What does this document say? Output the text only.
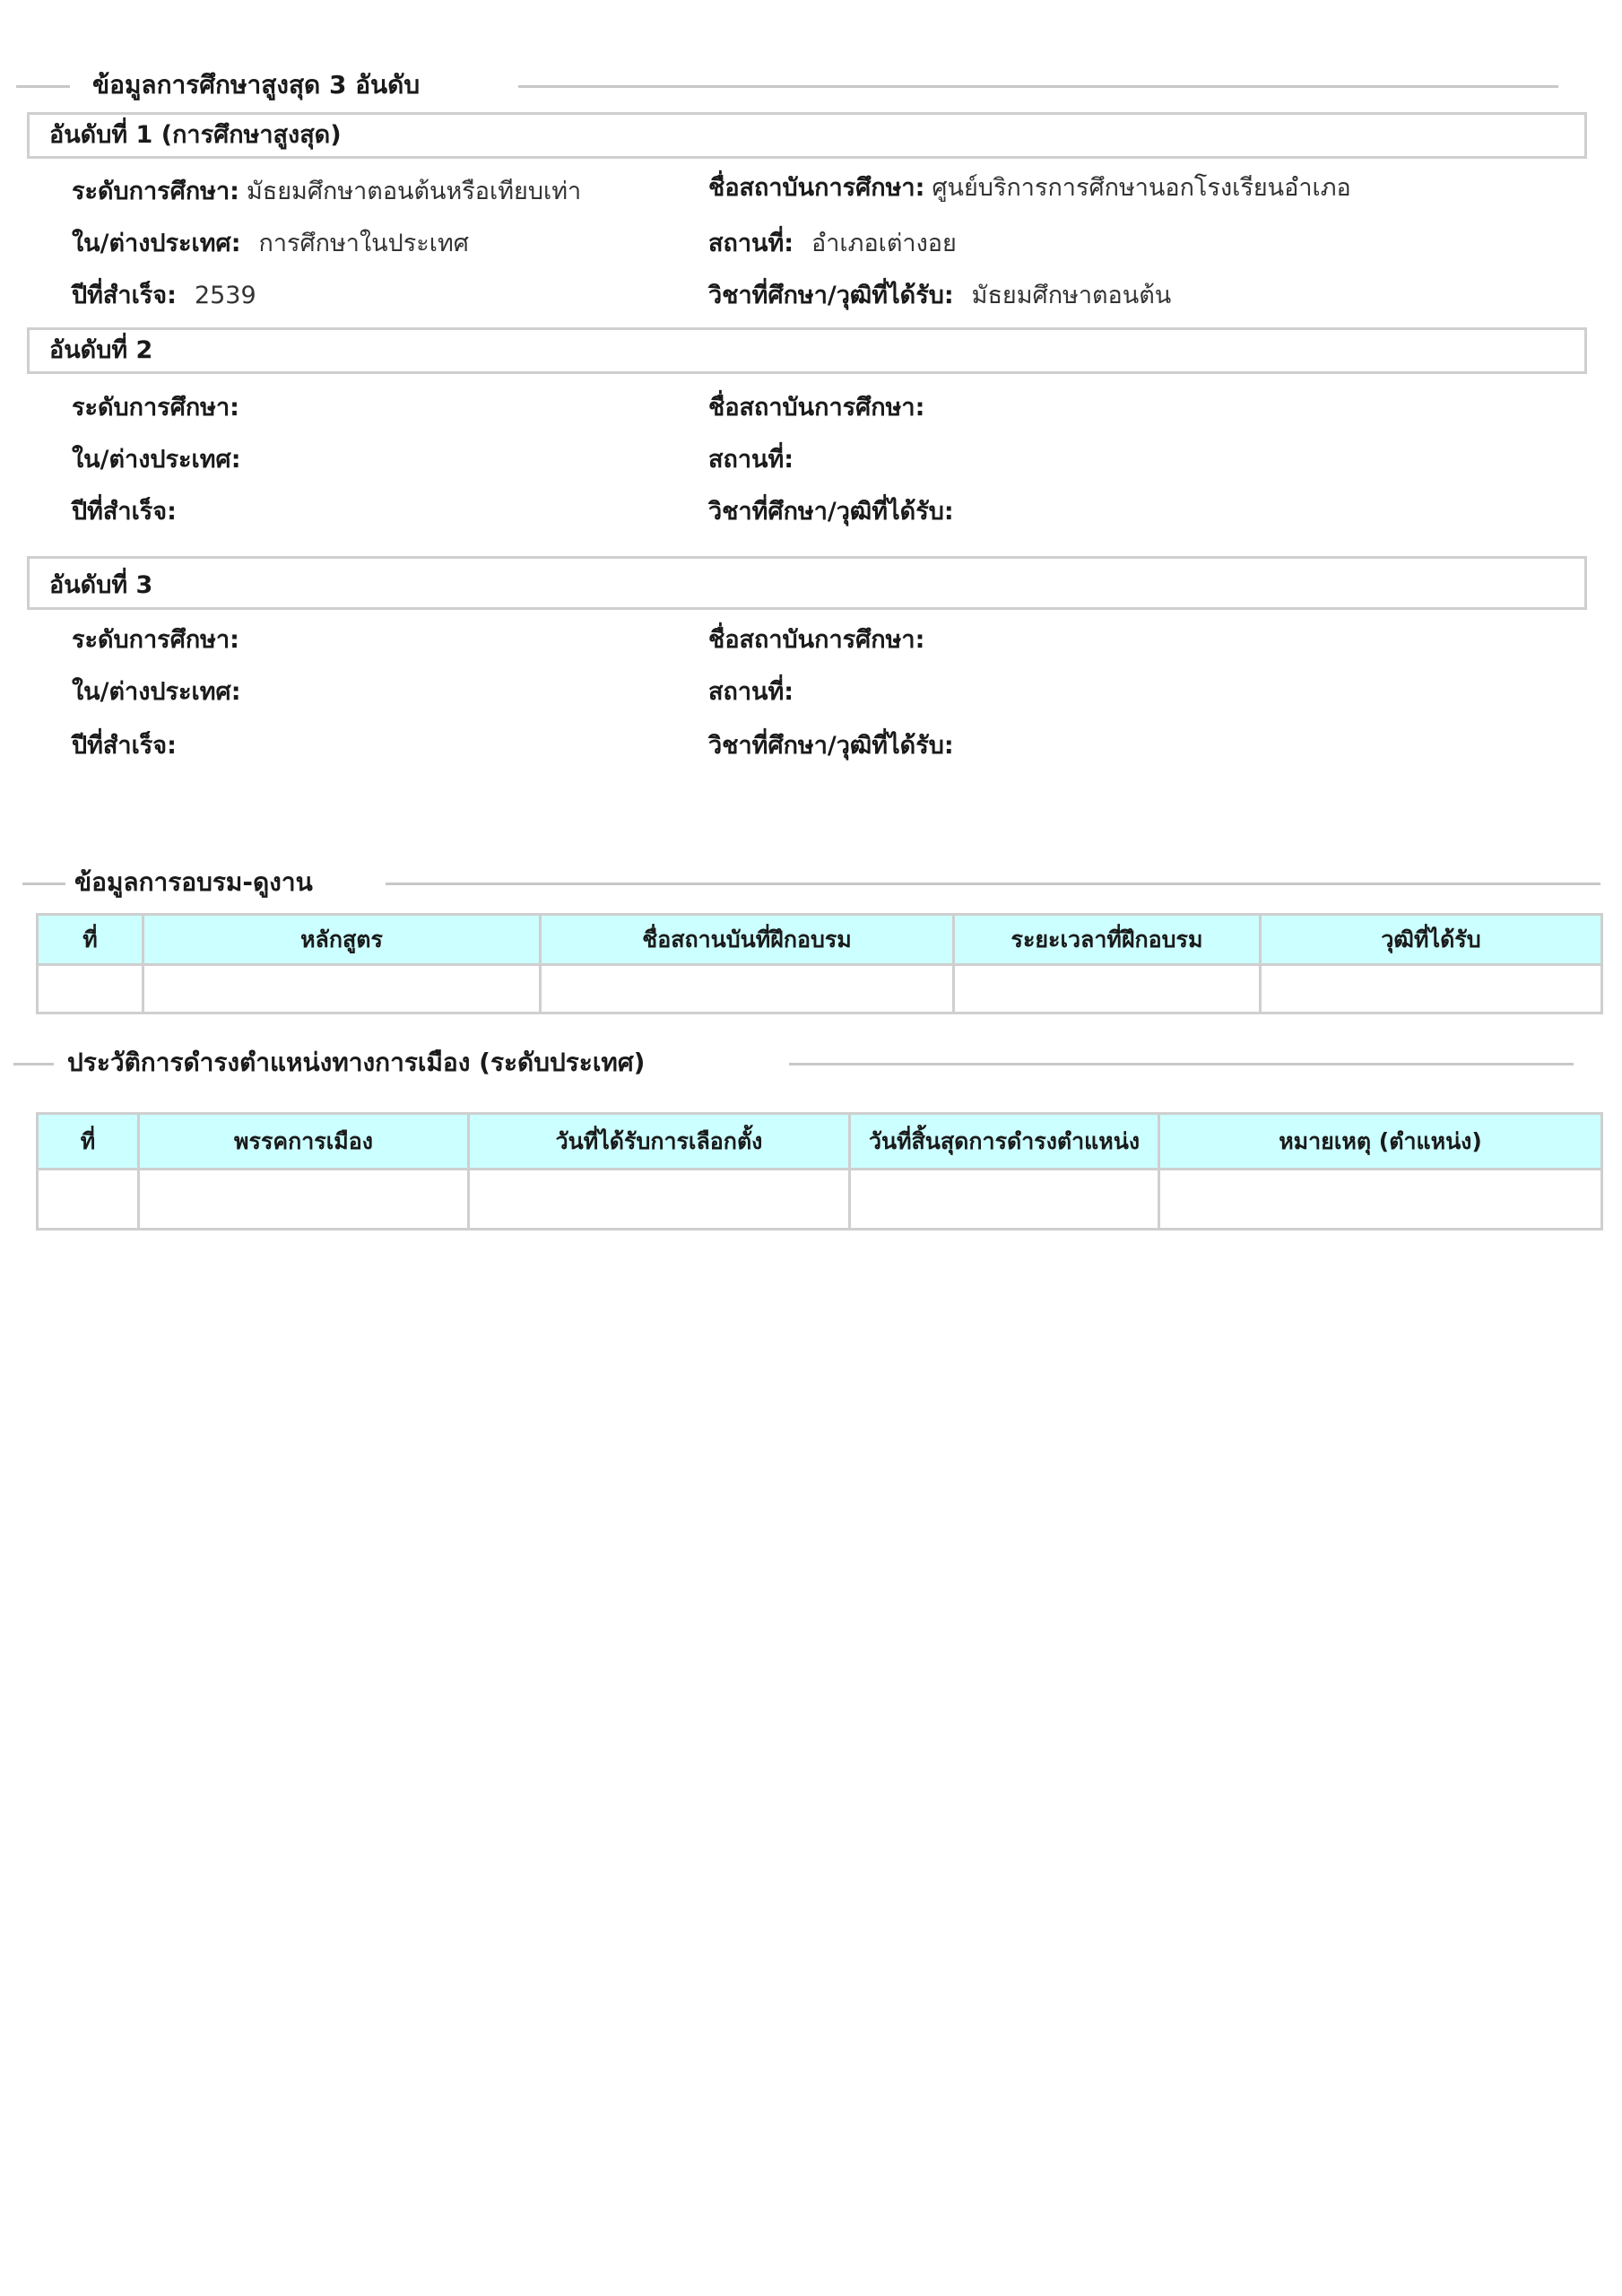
ข้อมูลการศึกษาสูงสุด 3 อันดับ
อันดับที่ 1 (การศึกษาสูงสุด)
ระดับการศึกษา: มัธยมศึกษาตอนต้นหรือเทียบเท่า	ชื่อสถาบันการศึกษา: ศูนย์บริการการศึกษานอกโรงเรียนอำเภอ
ใน/ต่างประเทศ: การศึกษาในประเทศ	สถานที่: อำเภอเต่างอย
ปีที่สำเร็จ: 2539	วิชาที่ศึกษา/วุฒิที่ได้รับ: มัธยมศึกษาตอนต้น
อันดับที่ 2
ระดับการศึกษา:	ชื่อสถาบันการศึกษา:
ใน/ต่างประเทศ:	สถานที่:
ปีที่สำเร็จ:	วิชาที่ศึกษา/วุฒิที่ได้รับ:
อันดับที่ 3
ระดับการศึกษา:	ชื่อสถาบันการศึกษา:
ใน/ต่างประเทศ:	สถานที่:
ปีที่สำเร็จ:	วิชาที่ศึกษา/วุฒิที่ได้รับ:
ข้อมูลการอบรม-ดูงาน
ที่	หลักสูตร	ชื่อสถานบันที่ฝึกอบรม	ระยะเวลาที่ฝึกอบรม	วุฒิที่ได้รับ

ประวัติการดำรงตำแหน่งทางการเมือง (ระดับประเทศ)
ที่	พรรคการเมือง	วันที่ได้รับการเลือกตั้ง	วันที่สิ้นสุดการดำรงตำแหน่ง	หมายเหตุ (ตำแหน่ง)
